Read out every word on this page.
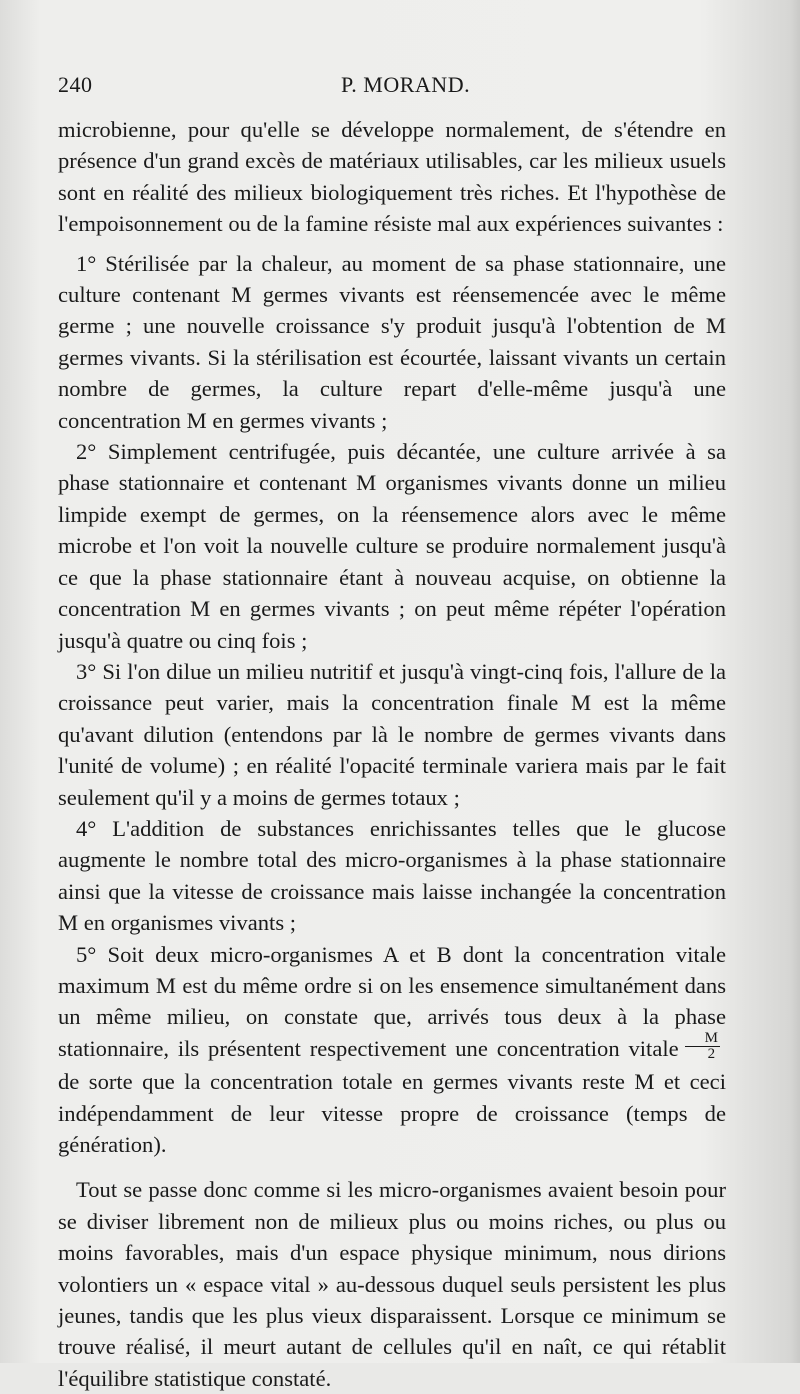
240	P. MORAND.

microbienne, pour qu'elle se développe normalement, de s'étendre en présence d'un grand excès de matériaux utilisables, car les milieux usuels sont en réalité des milieux biologiquement très riches. Et l'hypothèse de l'empoisonnement ou de la famine résiste mal aux expériences suivantes :

1° Stérilisée par la chaleur, au moment de sa phase stationnaire, une culture contenant M germes vivants est réensemencée avec le même germe ; une nouvelle croissance s'y produit jusqu'à l'obtention de M germes vivants. Si la stérilisation est écourtée, laissant vivants un certain nombre de germes, la culture repart d'elle-même jusqu'à une concentration M en germes vivants ;

2° Simplement centrifugée, puis décantée, une culture arrivée à sa phase stationnaire et contenant M organismes vivants donne un milieu limpide exempt de germes, on la réensemence alors avec le même microbe et l'on voit la nouvelle culture se produire normalement jusqu'à ce que la phase stationnaire étant à nouveau acquise, on obtienne la concentration M en germes vivants ; on peut même répéter l'opération jusqu'à quatre ou cinq fois ;

3° Si l'on dilue un milieu nutritif et jusqu'à vingt-cinq fois, l'allure de la croissance peut varier, mais la concentration finale M est la même qu'avant dilution (entendons par là le nombre de germes vivants dans l'unité de volume) ; en réalité l'opacité terminale variera mais par le fait seulement qu'il y a moins de germes totaux ;

4° L'addition de substances enrichissantes telles que le glucose augmente le nombre total des micro-organismes à la phase stationnaire ainsi que la vitesse de croissance mais laisse inchangée la concentration M en organismes vivants ;

5° Soit deux micro-organismes A et B dont la concentration vitale maximum M est du même ordre si on les ensemence simultanément dans un même milieu, on constate que, arrivés tous deux à la phase stationnaire, ils présentent respectivement une concentration vitale $\frac{M}{2}$
de sorte que la concentration totale en germes vivants reste M et ceci indépendamment de leur vitesse propre de croissance (temps de génération).

Tout se passe donc comme si les micro-organismes avaient besoin pour se diviser librement non de milieux plus ou moins riches, ou plus ou moins favorables, mais d'un espace physique minimum, nous dirions volontiers un « espace vital » au-dessous duquel seuls persistent les plus jeunes, tandis que les plus vieux disparaissent. Lorsque ce minimum se trouve réalisé, il meurt autant de cellules qu'il en naît, ce qui rétablit l'équilibre statistique constaté.
